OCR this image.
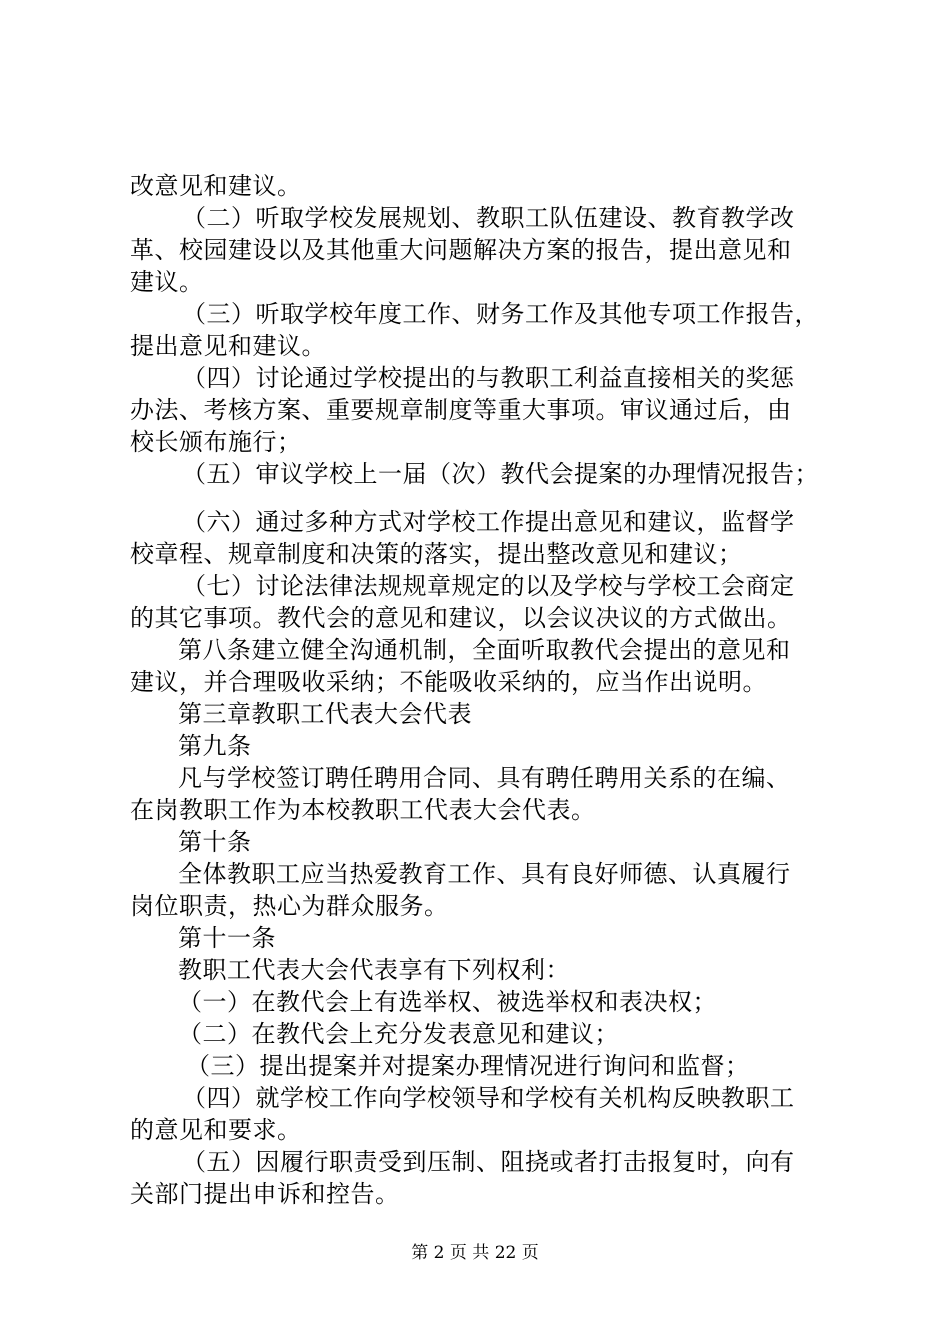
改意见和建议。
（二）听取学校发展规划、教职工队伍建设、教育教学改
革、校园建设以及其他重大问题解决方案的报告，提出意见和
建议。
（三）听取学校年度工作、财务工作及其他专项工作报告，
提出意见和建议。
（四）讨论通过学校提出的与教职工利益直接相关的奖惩
办法、考核方案、重要规章制度等重大事项。审议通过后，由
校长颁布施行；
（五）审议学校上一届（次）教代会提案的办理情况报告；
（六）通过多种方式对学校工作提出意见和建议，监督学
校章程、规章制度和决策的落实，提出整改意见和建议；
（七）讨论法律法规规章规定的以及学校与学校工会商定
的其它事项。教代会的意见和建议，以会议决议的方式做出。
第八条建立健全沟通机制，全面听取教代会提出的意见和
建议，并合理吸收采纳；不能吸收采纳的，应当作出说明。
第三章教职工代表大会代表
第九条
凡与学校签订聘任聘用合同、具有聘任聘用关系的在编、
在岗教职工作为本校教职工代表大会代表。
第十条
全体教职工应当热爱教育工作、具有良好师德、认真履行
岗位职责，热心为群众服务。
第十一条
教职工代表大会代表享有下列权利：
（一）在教代会上有选举权、被选举权和表决权；
（二）在教代会上充分发表意见和建议；
（三）提出提案并对提案办理情况进行询问和监督；
（四）就学校工作向学校领导和学校有关机构反映教职工
的意见和要求。
（五）因履行职责受到压制、阻挠或者打击报复时，向有
关部门提出申诉和控告。
第 2 页 共 22 页
